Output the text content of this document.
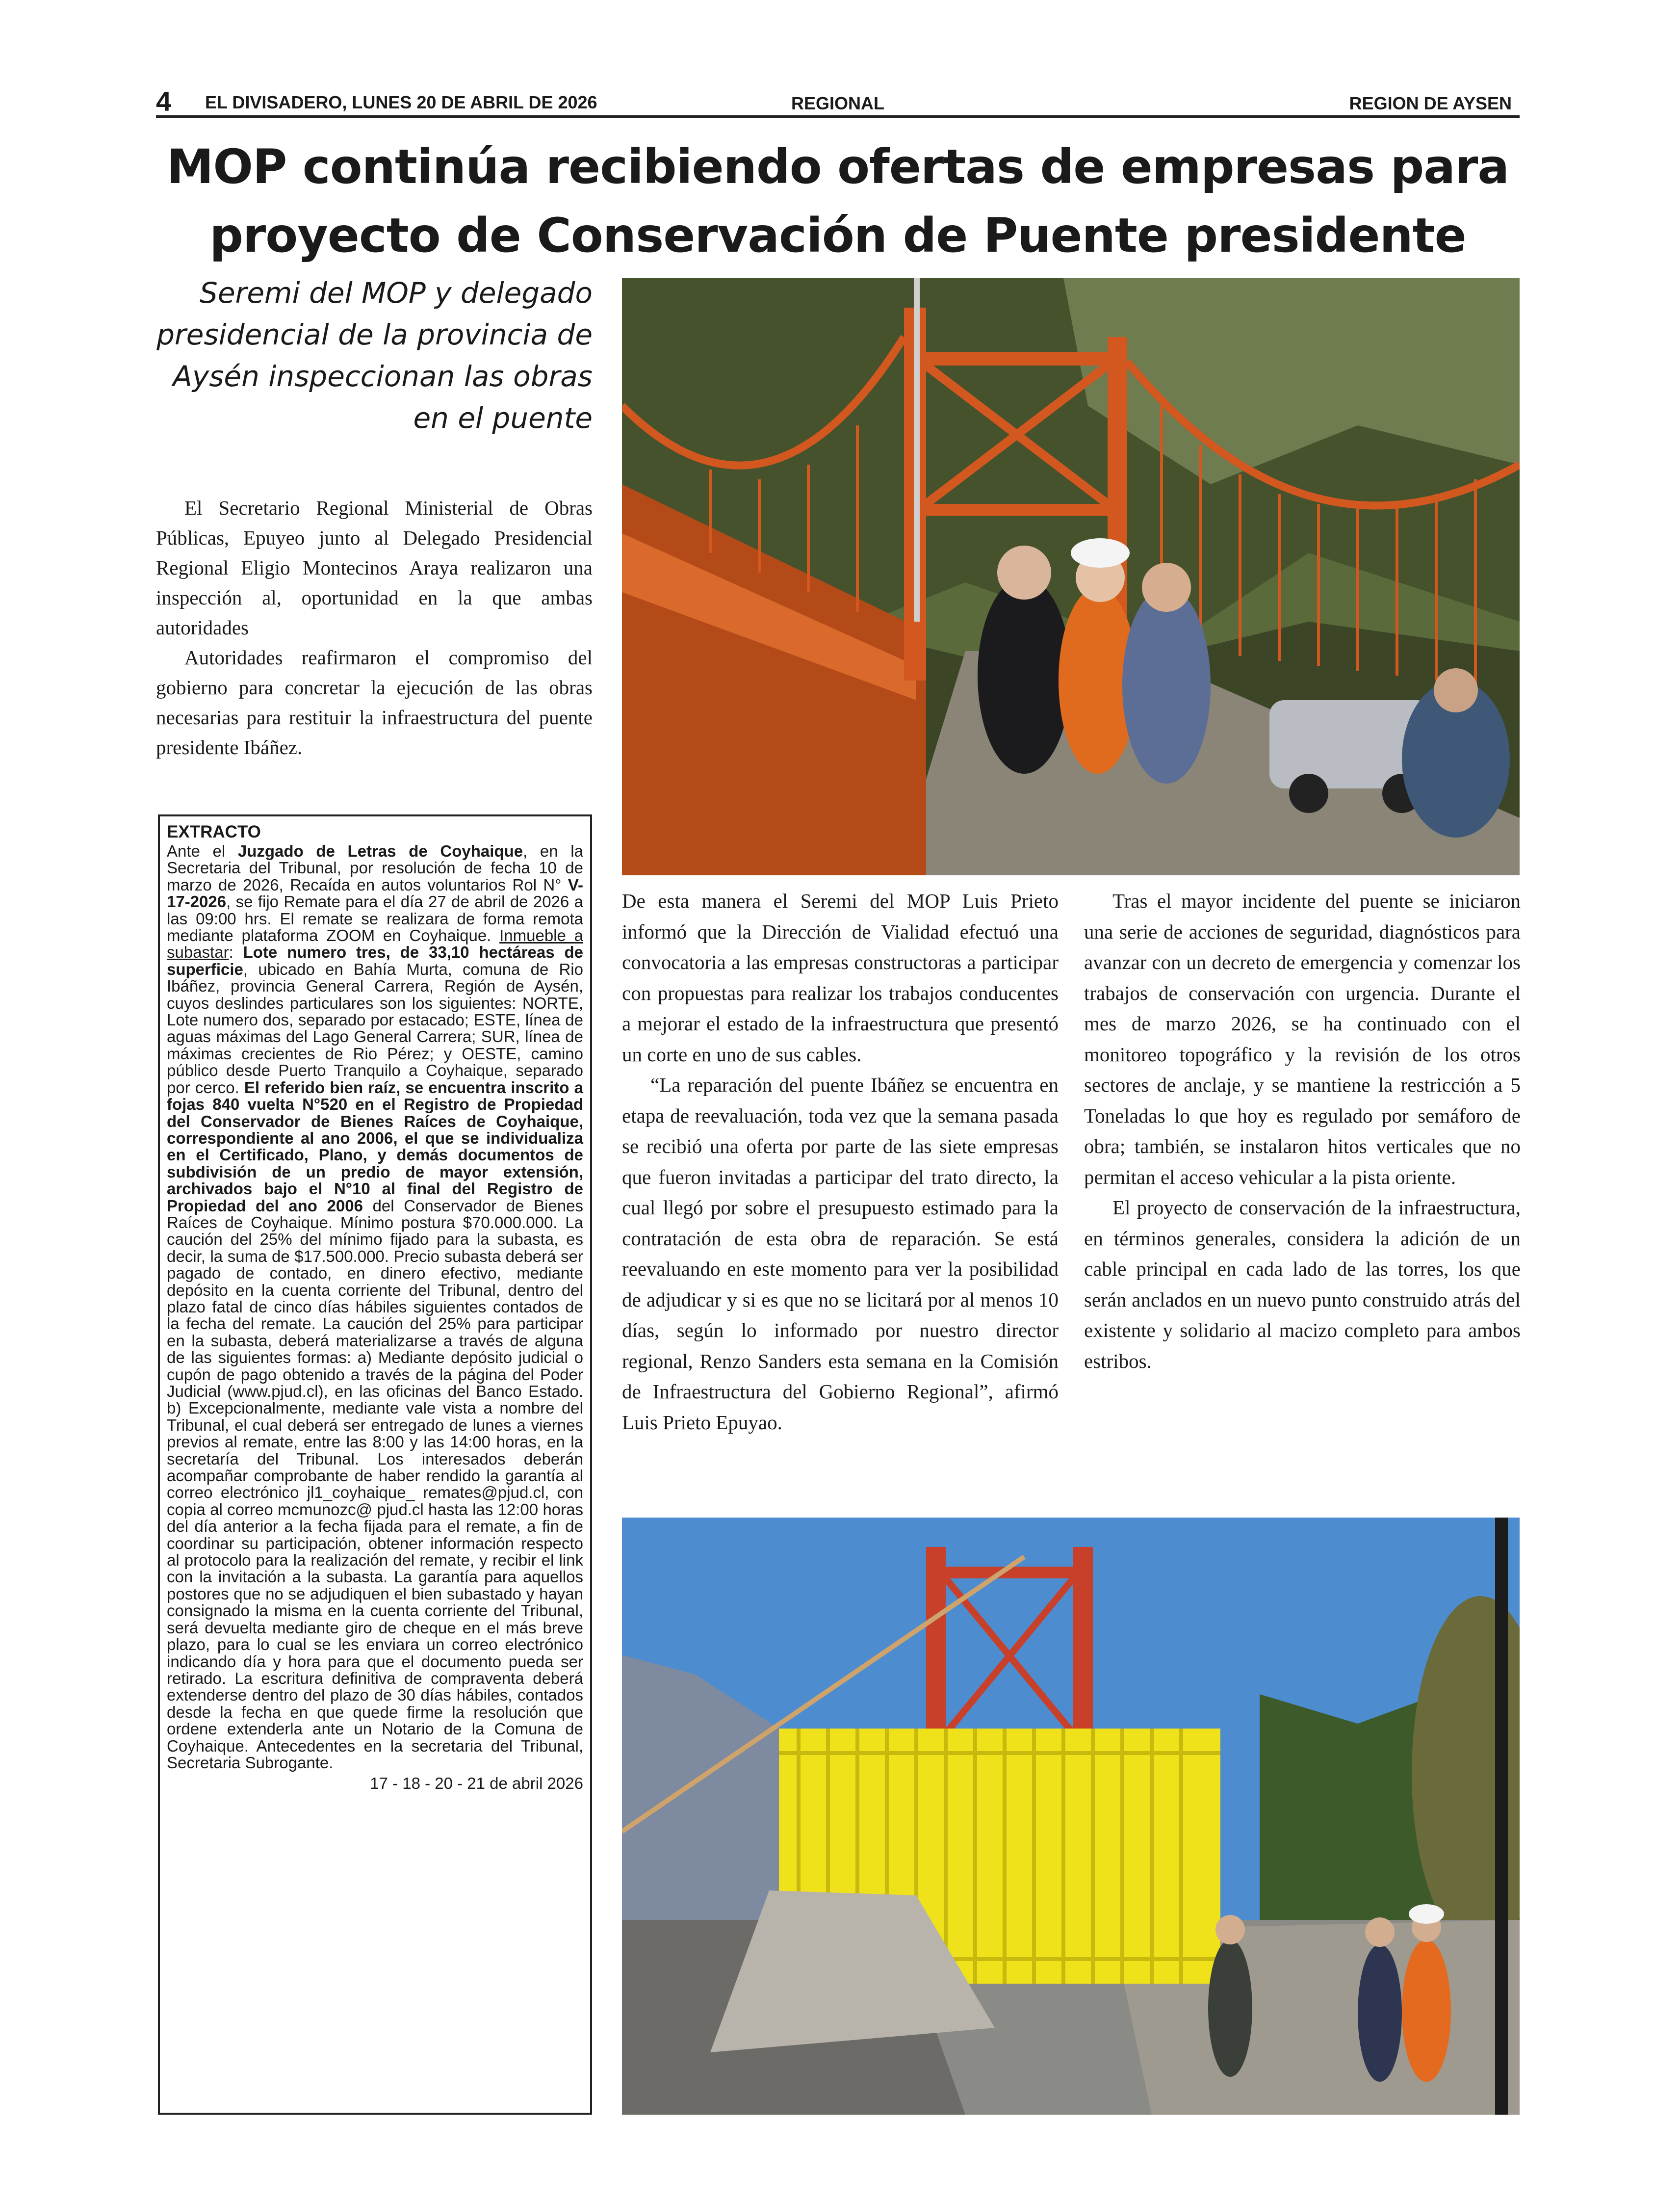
4 EL DIVISADERO, LUNES 20 DE ABRIL DE 2026	REGIONAL	REGION DE AYSEN
MOP continúa recibiendo ofertas de empresas para
proyecto de Conservación de Puente presidente
Seremi del MOP y delegado presidencial de la provincia de Aysén inspeccionan las obras en el puente

El Secretario Regional Ministerial de Obras Públicas, Epuyeo junto al Delegado Presidencial Regional Eligio Montecinos Araya realizaron una inspección al, oportunidad en la que ambas autoridades

Autoridades reafirmaron el compromiso del gobierno para concretar la ejecución de las obras necesarias para restituir la infraestructura del puente presidente Ibáñez.

EXTRACTO
Ante el Juzgado de Letras de Coyhaique, en la Secretaria del Tribunal, por resolución de fecha 10 de marzo de 2026, Recaída en autos voluntarios Rol N° V-17-2026, se fijo Remate para el día 27 de abril de 2026 a las 09:00 hrs. El remate se realizara de forma remota mediante plataforma ZOOM en Coyhaique. Inmueble a subastar: Lote numero tres, de 33,10 hectáreas de superficie, ubicado en Bahía Murta, comuna de Rio Ibáñez, provincia General Carrera, Región de Aysén, cuyos deslindes particulares son los siguientes: NORTE, Lote numero dos, separado por estacado; ESTE, línea de aguas máximas del Lago General Carrera; SUR, línea de máximas crecientes de Rio Pérez; y OESTE, camino público desde Puerto Tranquilo a Coyhaique, separado por cerco. El referido bien raíz, se encuentra inscrito a fojas 840 vuelta N°520 en el Registro de Propiedad del Conservador de Bienes Raíces de Coyhaique, correspondiente al ano 2006, el que se individualiza en el Certificado, Plano, y demás documentos de subdivisión de un predio de mayor extensión, archivados bajo el N°10 al final del Registro de Propiedad del ano 2006 del Conservador de Bienes Raíces de Coyhaique. Mínimo postura $70.000.000. La caución del 25% del mínimo fijado para la subasta, es decir, la suma de $17.500.000. Precio subasta deberá ser pagado de contado, en dinero efectivo, mediante depósito en la cuenta corriente del Tribunal, dentro del plazo fatal de cinco días hábiles siguientes contados de la fecha del remate. La caución del 25% para participar en la subasta, deberá materializarse a través de alguna de las siguientes formas: a) Mediante depósito judicial o cupón de pago obtenido a través de la página del Poder Judicial (www.pjud.cl), en las oficinas del Banco Estado. b) Excepcionalmente, mediante vale vista a nombre del Tribunal, el cual deberá ser entregado de lunes a viernes previos al remate, entre las 8:00 y las 14:00 horas, en la secretaría del Tribunal. Los interesados deberán acompañar comprobante de haber rendido la garantía al correo electrónico jl1_coyhaique_ remates@pjud.cl, con copia al correo mcmunozc@ pjud.cl hasta las 12:00 horas del día anterior a la fecha fijada para el remate, a fin de coordinar su participación, obtener información respecto al protocolo para la realización del remate, y recibir el link con la invitación a la subasta. La garantía para aquellos postores que no se adjudiquen el bien subastado y hayan consignado la misma en la cuenta corriente del Tribunal, será devuelta mediante giro de cheque en el más breve plazo, para lo cual se les enviara un correo electrónico indicando día y hora para que el documento pueda ser retirado. La escritura definitiva de compraventa deberá extenderse dentro del plazo de 30 días hábiles, contados desde la fecha en que quede firme la resolución que ordene extenderla ante un Notario de la Comuna de Coyhaique. Antecedentes en la secretaria del Tribunal, Secretaria Subrogante.
17 - 18 - 20 - 21 de abril 2026

De esta manera el Seremi del MOP Luis Prieto informó que la Dirección de Vialidad efectuó una convocatoria a las empresas constructoras a participar con propuestas para realizar los trabajos conducentes a mejorar el estado de la infraestructura que presentó un corte en uno de sus cables.

“La reparación del puente Ibáñez se encuentra en etapa de reevaluación, toda vez que la semana pasada se recibió una oferta por parte de las siete empresas que fueron invitadas a participar del trato directo, la cual llegó por sobre el presupuesto estimado para la contratación de esta obra de reparación. Se está reevaluando en este momento para ver la posibilidad de adjudicar y si es que no se licitará por al menos 10 días, según lo informado por nuestro director regional, Renzo Sanders esta semana en la Comisión de Infraestructura del Gobierno Regional”, afirmó Luis Prieto Epuyao.

Tras el mayor incidente del puente se iniciaron una serie de acciones de seguridad, diagnósticos para avanzar con un decreto de emergencia y comenzar los trabajos de conservación con urgencia. Durante el mes de marzo 2026, se ha continuado con el monitoreo topográfico y la revisión de los otros sectores de anclaje, y se mantiene la restricción a 5 Toneladas lo que hoy es regulado por semáforo de obra; también, se instalaron hitos verticales que no permitan el acceso vehicular a la pista oriente.

El proyecto de conservación de la infraestructura, en términos generales, considera la adición de un cable principal en cada lado de las torres, los que serán anclados en un nuevo punto construido atrás del existente y solidario al macizo completo para ambos estribos.
